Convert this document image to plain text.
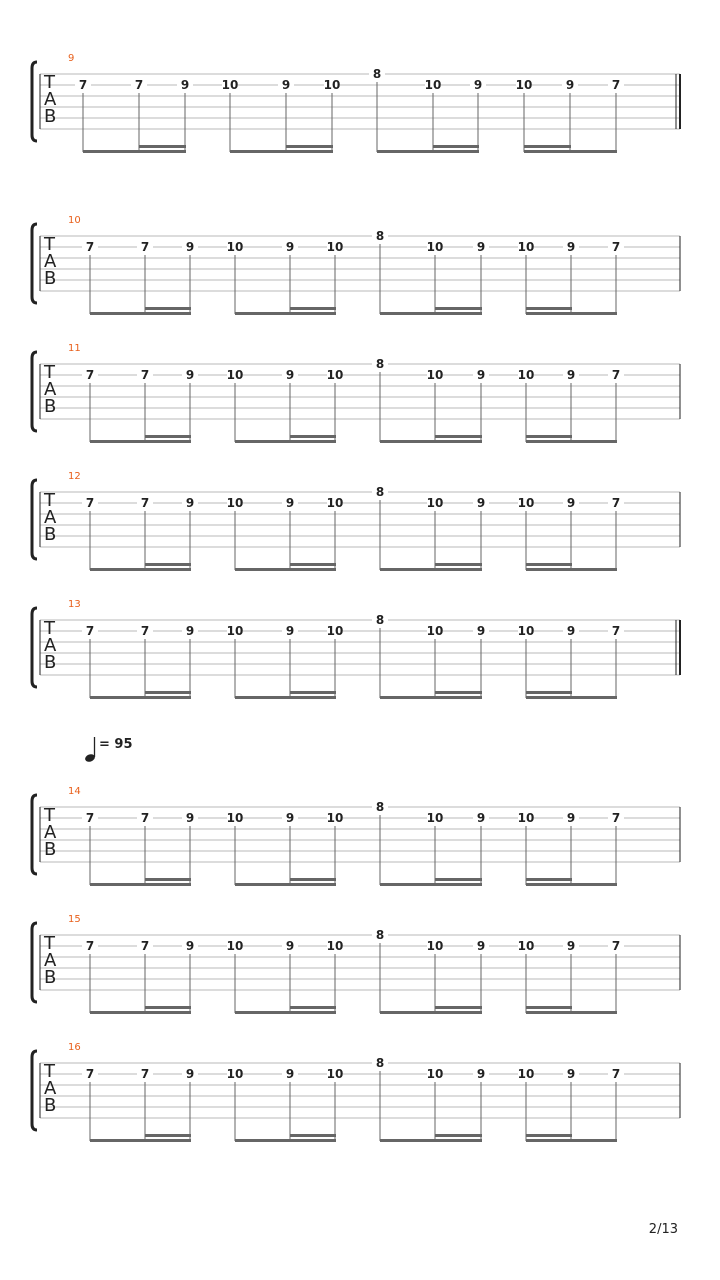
9
T
A
B
7	7	9	10	9	10
8
10	9	10	9	7
10
T
A
B
7	7	9	10	9	10
8
10	9	10	9	7
11
T
A
B
7	7	9	10	9	10
8
10	9	10	9	7
12
T
A
B
7	7	9	10	9	10
8
10	9	10	9	7
13
T
A
B
7	7	9	10	9	10
8
10	9	10	9	7
14
T
A
B
7	7	9	10	9	10
8
10	9	10	9	7
15
T
A
B
7	7	9	10	9	10
8
10	9	10	9	7
16
T
A
B
7	7	9	10	9	10
8
10	9	10	9	7
= 95
2/13
